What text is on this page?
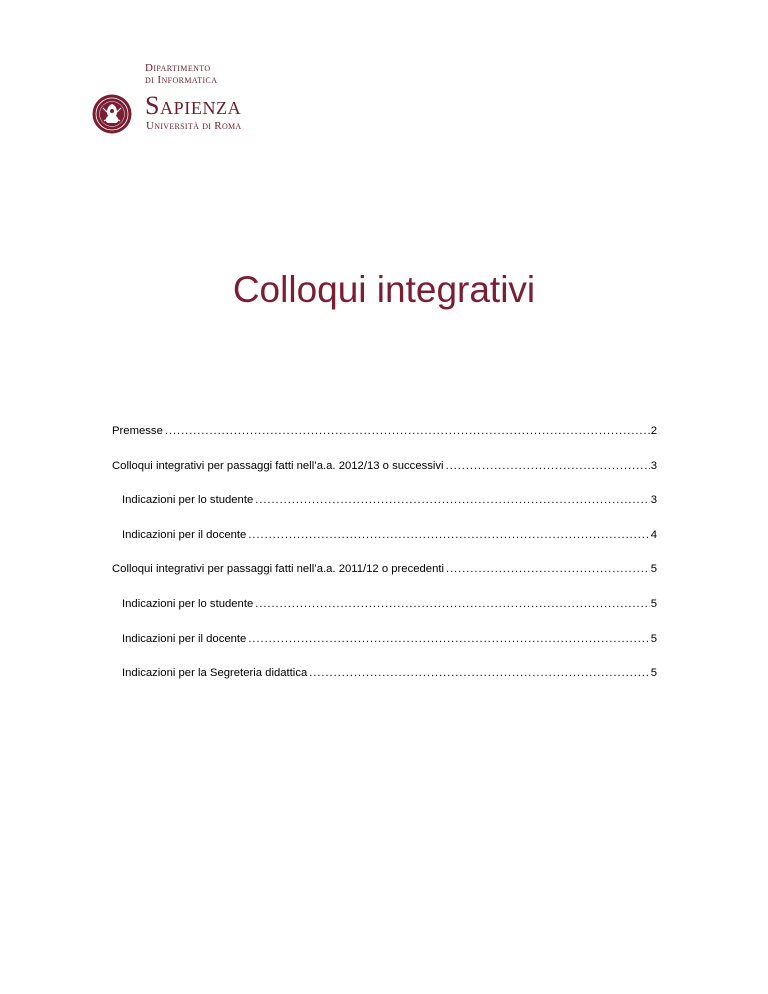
Dipartimento
di Informatica
Sapienza
Università di Roma
Colloqui integrativi
Premesse .....	2
Colloqui integrativi per passaggi fatti nell’a.a. 2012/13 o successivi .....	3
Indicazioni per lo studente .....	3
Indicazioni per il docente .....	4
Colloqui integrativi per passaggi fatti nell’a.a. 2011/12 o precedenti .....	5
Indicazioni per lo studente .....	5
Indicazioni per il docente .....	5
Indicazioni per la Segreteria didattica .....	5
